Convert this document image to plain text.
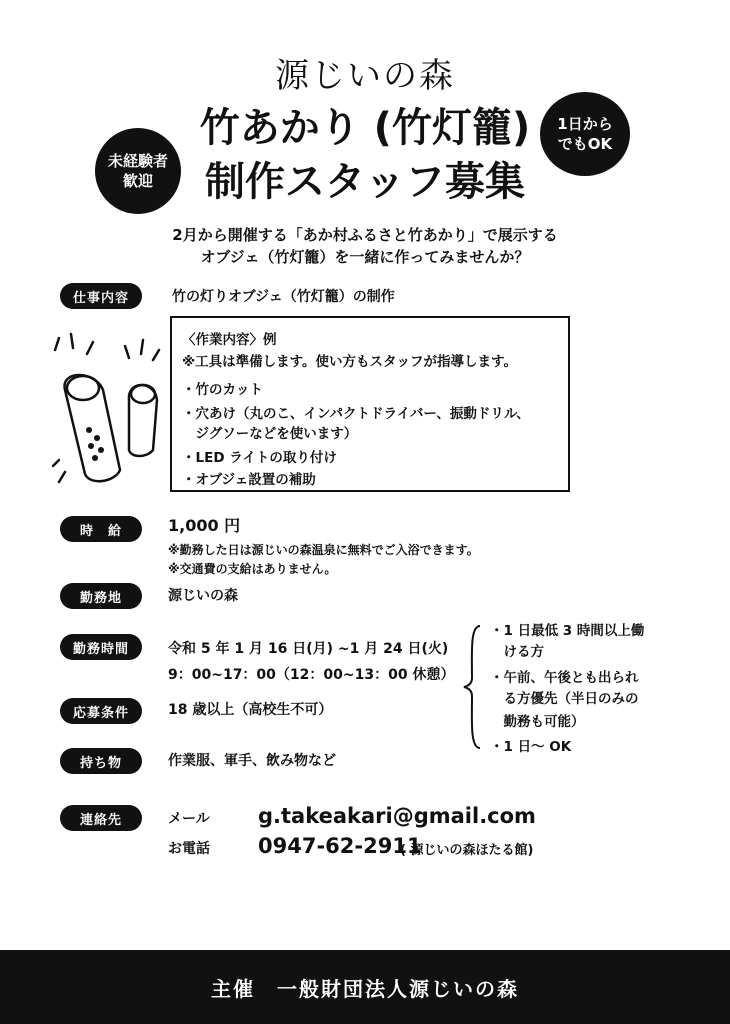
源じいの森
竹あかり (竹灯籠)
制作スタッフ募集
未経験者
歓迎
1日から
でもOK
2月から開催する「あか村ふるさと竹あかり」で展示する
オブジェ（竹灯籠）を一緒に作ってみませんか？
仕事内容	竹の灯りオブジェ（竹灯籠）の制作
〈作業内容〉例
※工具は準備します。使い方もスタッフが指導します。
・竹のカット
・穴あけ（丸のこ、インパクトドライバー、振動ドリル、
　ジグソーなどを使います）
・LED ライトの取り付け
・オブジェ設置の補助
時　給	1,000 円
※勤務した日は源じいの森温泉に無料でご入浴できます。
※交通費の支給はありません。
勤務地	源じいの森
勤務時間	令和 5 年 1 月 16 日(月) ~1 月 24 日(火)
9：00~17：00（12：00~13：00 休憩）
応募条件	18 歳以上（高校生不可）
持ち物	作業服、軍手、飲み物など
・1 日最低 3 時間以上働
　ける方
・午前、午後とも出られ
　る方優先（半日のみの
　勤務も可能）
・1 日～ OK
連絡先	メール g.takeakari@gmail.com
お電話 0947-62-2911
( 源じいの森ほたる館)
主催　一般財団法人源じいの森
